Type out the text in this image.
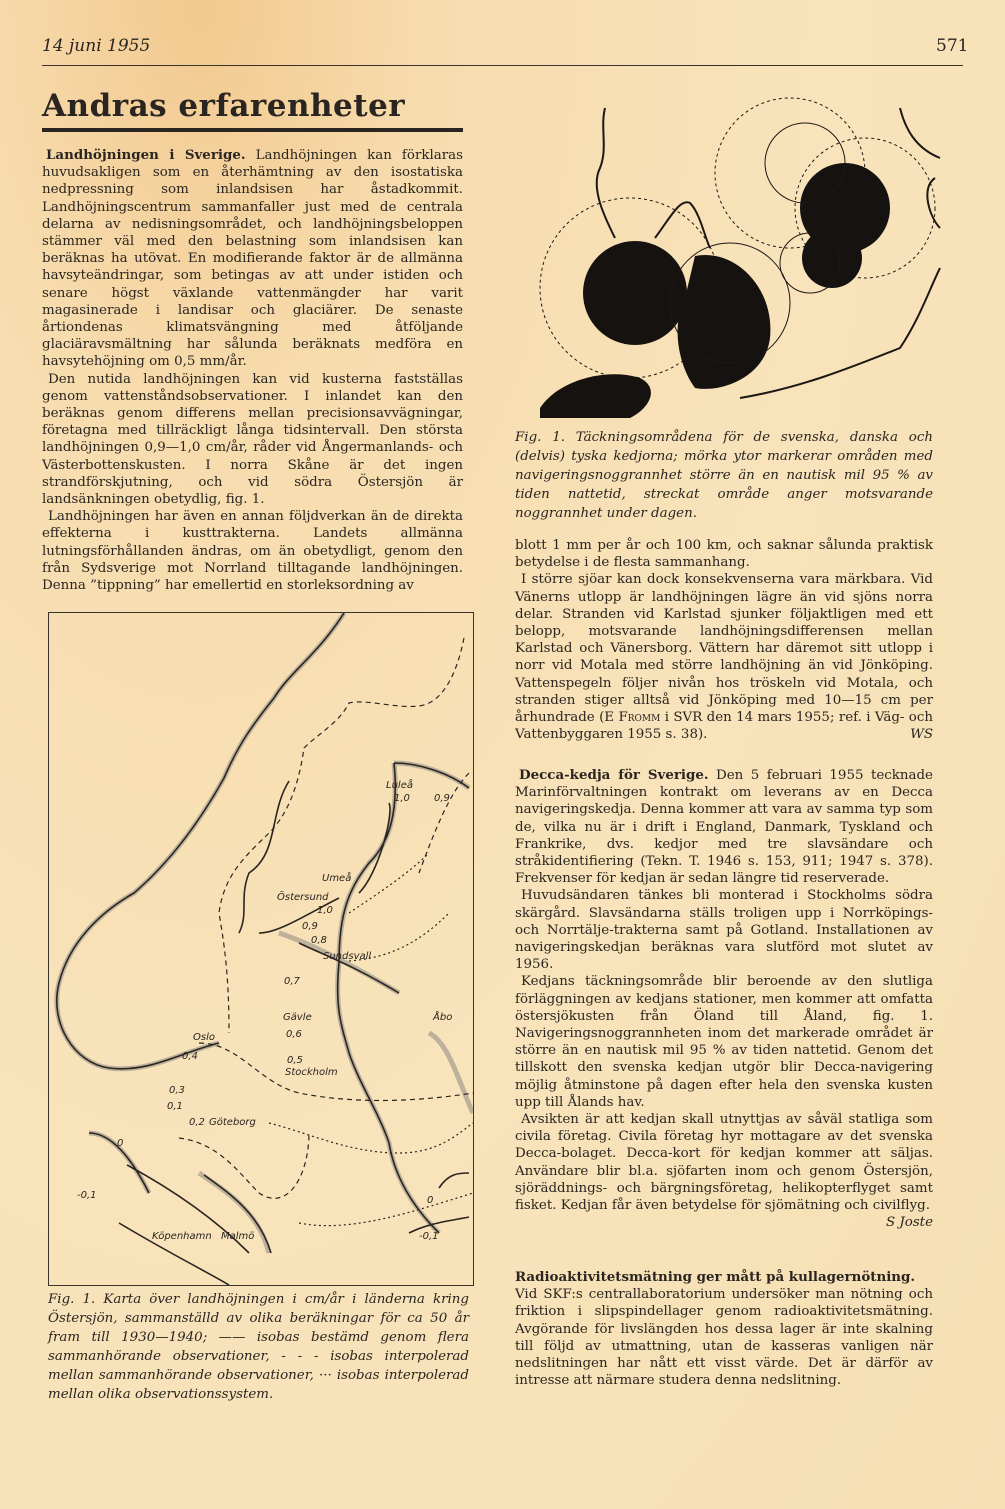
14 juni 1955	571
Andras erfarenheter

Landhöjningen i Sverige. Landhöjningen kan förklaras huvudsakligen som en återhämtning av den isostatiska nedpressning som inlandsisen har åstadkommit. Landhöjningscentrum sammanfaller just med de centrala delarna av nedisningsområdet, och landhöjningsbeloppen stämmer väl med den belastning som inlandsisen kan beräknas ha utövat. En modifierande faktor är de allmänna havsyteändringar, som betingas av att under istiden och senare högst växlande vattenmängder har varit magasinerade i landisar och glaciärer. De senaste årtiondenas klimatsvängning med åtföljande glaciäravsmältning har sålunda beräknats medföra en havsytehöjning om 0,5 mm/år.

Den nutida landhöjningen kan vid kusterna fastställas genom vattenståndsobservationer. I inlandet kan den beräknas genom differens mellan precisionsavvägningar, företagna med tillräckligt långa tidsintervall. Den största landhöjningen 0,9—1,0 cm/år, råder vid Ångermanlands- och Västerbottenskusten. I norra Skåne är det ingen strandförskjutning, och vid södra Östersjön är landsänkningen obetydlig, fig. 1.

Landhöjningen har även en annan följdverkan än de direkta effekterna i kusttrakterna. Landets allmänna lutningsförhållanden ändras, om än obetydligt, genom den från Sydsverige mot Norrland tilltagande landhöjningen. Denna ”tippning” har emellertid en storleksordning av

Luleå
1,0 0,9
Umeå
Östersund
1,0
0,9
0,8
Sundsvall
0,7
Gävle	Åbo
0,6
Oslo
0,5
Stockholm
0,4
0,3
0,1
0,2 Göteborg
0
-0,1
Köpenhamn Malmö
0
-0,1
Fig. 1. Karta över landhöjningen i cm/år i länderna kring Östersjön, sammanställd av olika beräkningar för ca 50 år fram till 1930—1940; —— isobas bestämd genom flera sammanhörande observationer, - - - isobas interpolerad mellan sammanhörande observationer, ··· isobas interpolerad mellan olika observationssystem.
Fig. 1. Täckningsområdena för de svenska, danska och (delvis) tyska kedjorna; mörka ytor markerar områden med navigeringsnoggrannhet större än en nautisk mil 95 % av tiden nattetid, streckat område anger motsvarande noggrannhet under dagen.

blott 1 mm per år och 100 km, och saknar sålunda praktisk betydelse i de flesta sammanhang.

I större sjöar kan dock konsekvenserna vara märkbara. Vid Vänerns utlopp är landhöjningen lägre än vid sjöns norra delar. Stranden vid Karlstad sjunker följaktligen med ett belopp, motsvarande landhöjningsdifferensen mellan Karlstad och Vänersborg. Vättern har däremot sitt utlopp i norr vid Motala med större landhöjning än vid Jönköping. Vattenspegeln följer nivån hos tröskeln vid Motala, och stranden stiger alltså vid Jönköping med 10—15 cm per århundrade (E Fromm i SVR den 14 mars 1955; ref. i Väg- och Vattenbyggaren 1955 s. 38).	WS

Decca-kedja för Sverige. Den 5 februari 1955 tecknade Marinförvaltningen kontrakt om leverans av en Decca navigeringskedja. Denna kommer att vara av samma typ som de, vilka nu är i drift i England, Danmark, Tyskland och Frankrike, dvs. kedjor med tre slavsändare och stråkidentifiering (Tekn. T. 1946 s. 153, 911; 1947 s. 378). Frekvenser för kedjan är sedan längre tid reserverade.

Huvudsändaren tänkes bli monterad i Stockholms södra skärgård. Slavsändarna ställs troligen upp i Norrköpings- och Norrtälje-trakterna samt på Gotland. Installationen av navigeringskedjan beräknas vara slutförd mot slutet av 1956.

Kedjans täckningsområde blir beroende av den slutliga förläggningen av kedjans stationer, men kommer att omfatta östersjökusten från Öland till Åland, fig. 1. Navigeringsnoggrannheten inom det markerade området är större än en nautisk mil 95 % av tiden nattetid. Genom det tillskott den svenska kedjan utgör blir Decca-navigering möjlig åtminstone på dagen efter hela den svenska kusten upp till Ålands hav.

Avsikten är att kedjan skall utnyttjas av såväl statliga som civila företag. Civila företag hyr mottagare av det svenska Decca-bolaget. Decca-kort för kedjan kommer att säljas. Användare blir bl.a. sjöfarten inom och genom Östersjön, sjöräddnings- och bärgningsföretag, helikopterflyget samt fisket. Kedjan får även betydelse för sjömätning och civilflyg.
S Joste

Radioaktivitetsmätning ger mått på kullagernötning.

Vid SKF:s centrallaboratorium undersöker man nötning och friktion i slipspindellager genom radioaktivitetsmätning. Avgörande för livslängden hos dessa lager är inte skalning till följd av utmattning, utan de kasseras vanligen när nedslitningen har nått ett visst värde. Det är därför av intresse att närmare studera denna nedslitning.
